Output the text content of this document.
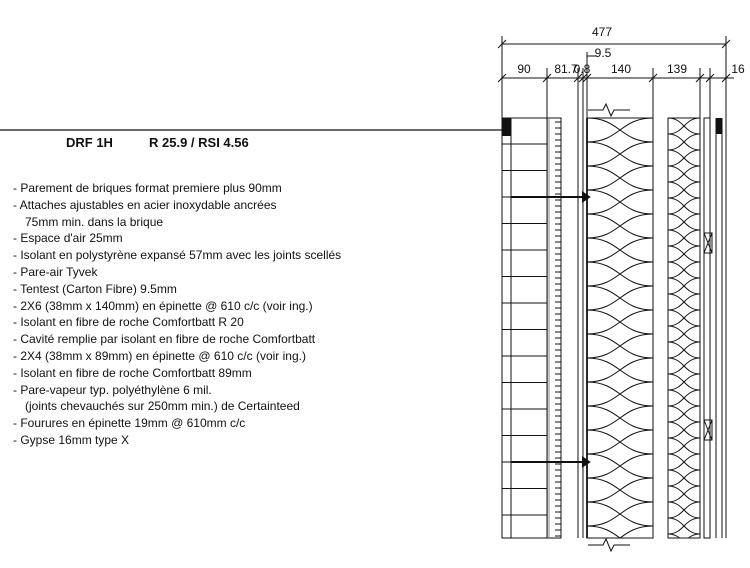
DRF 1H	R 25.9 / RSI 4.56
- Parement de briques format premiere plus 90mm
- Attaches ajustables en acier inoxydable ancrées
75mm min. dans la brique
- Espace d'air 25mm
- Isolant en polystyrène expansé 57mm avec les joints scellés
- Pare-air Tyvek
- Tentest (Carton Fibre) 9.5mm
- 2X6 (38mm x 140mm) en épinette @ 610 c/c (voir ing.)
- Isolant en fibre de roche Comfortbatt R 20
- Cavité remplie par isolant en fibre de roche Comfortbatt
- 2X4 (38mm x 89mm) en épinette @ 610 c/c (voir ing.)
- Isolant en fibre de roche Comfortbatt 89mm
- Pare-vapeur typ. polyéthylène 6 mil.
(joints chevauchés sur 250mm min.) de Certainteed
- Fourures en épinette 19mm @ 610mm c/c
- Gypse 16mm type X
477
90 81.7
0.8
9.5
140	139	16
